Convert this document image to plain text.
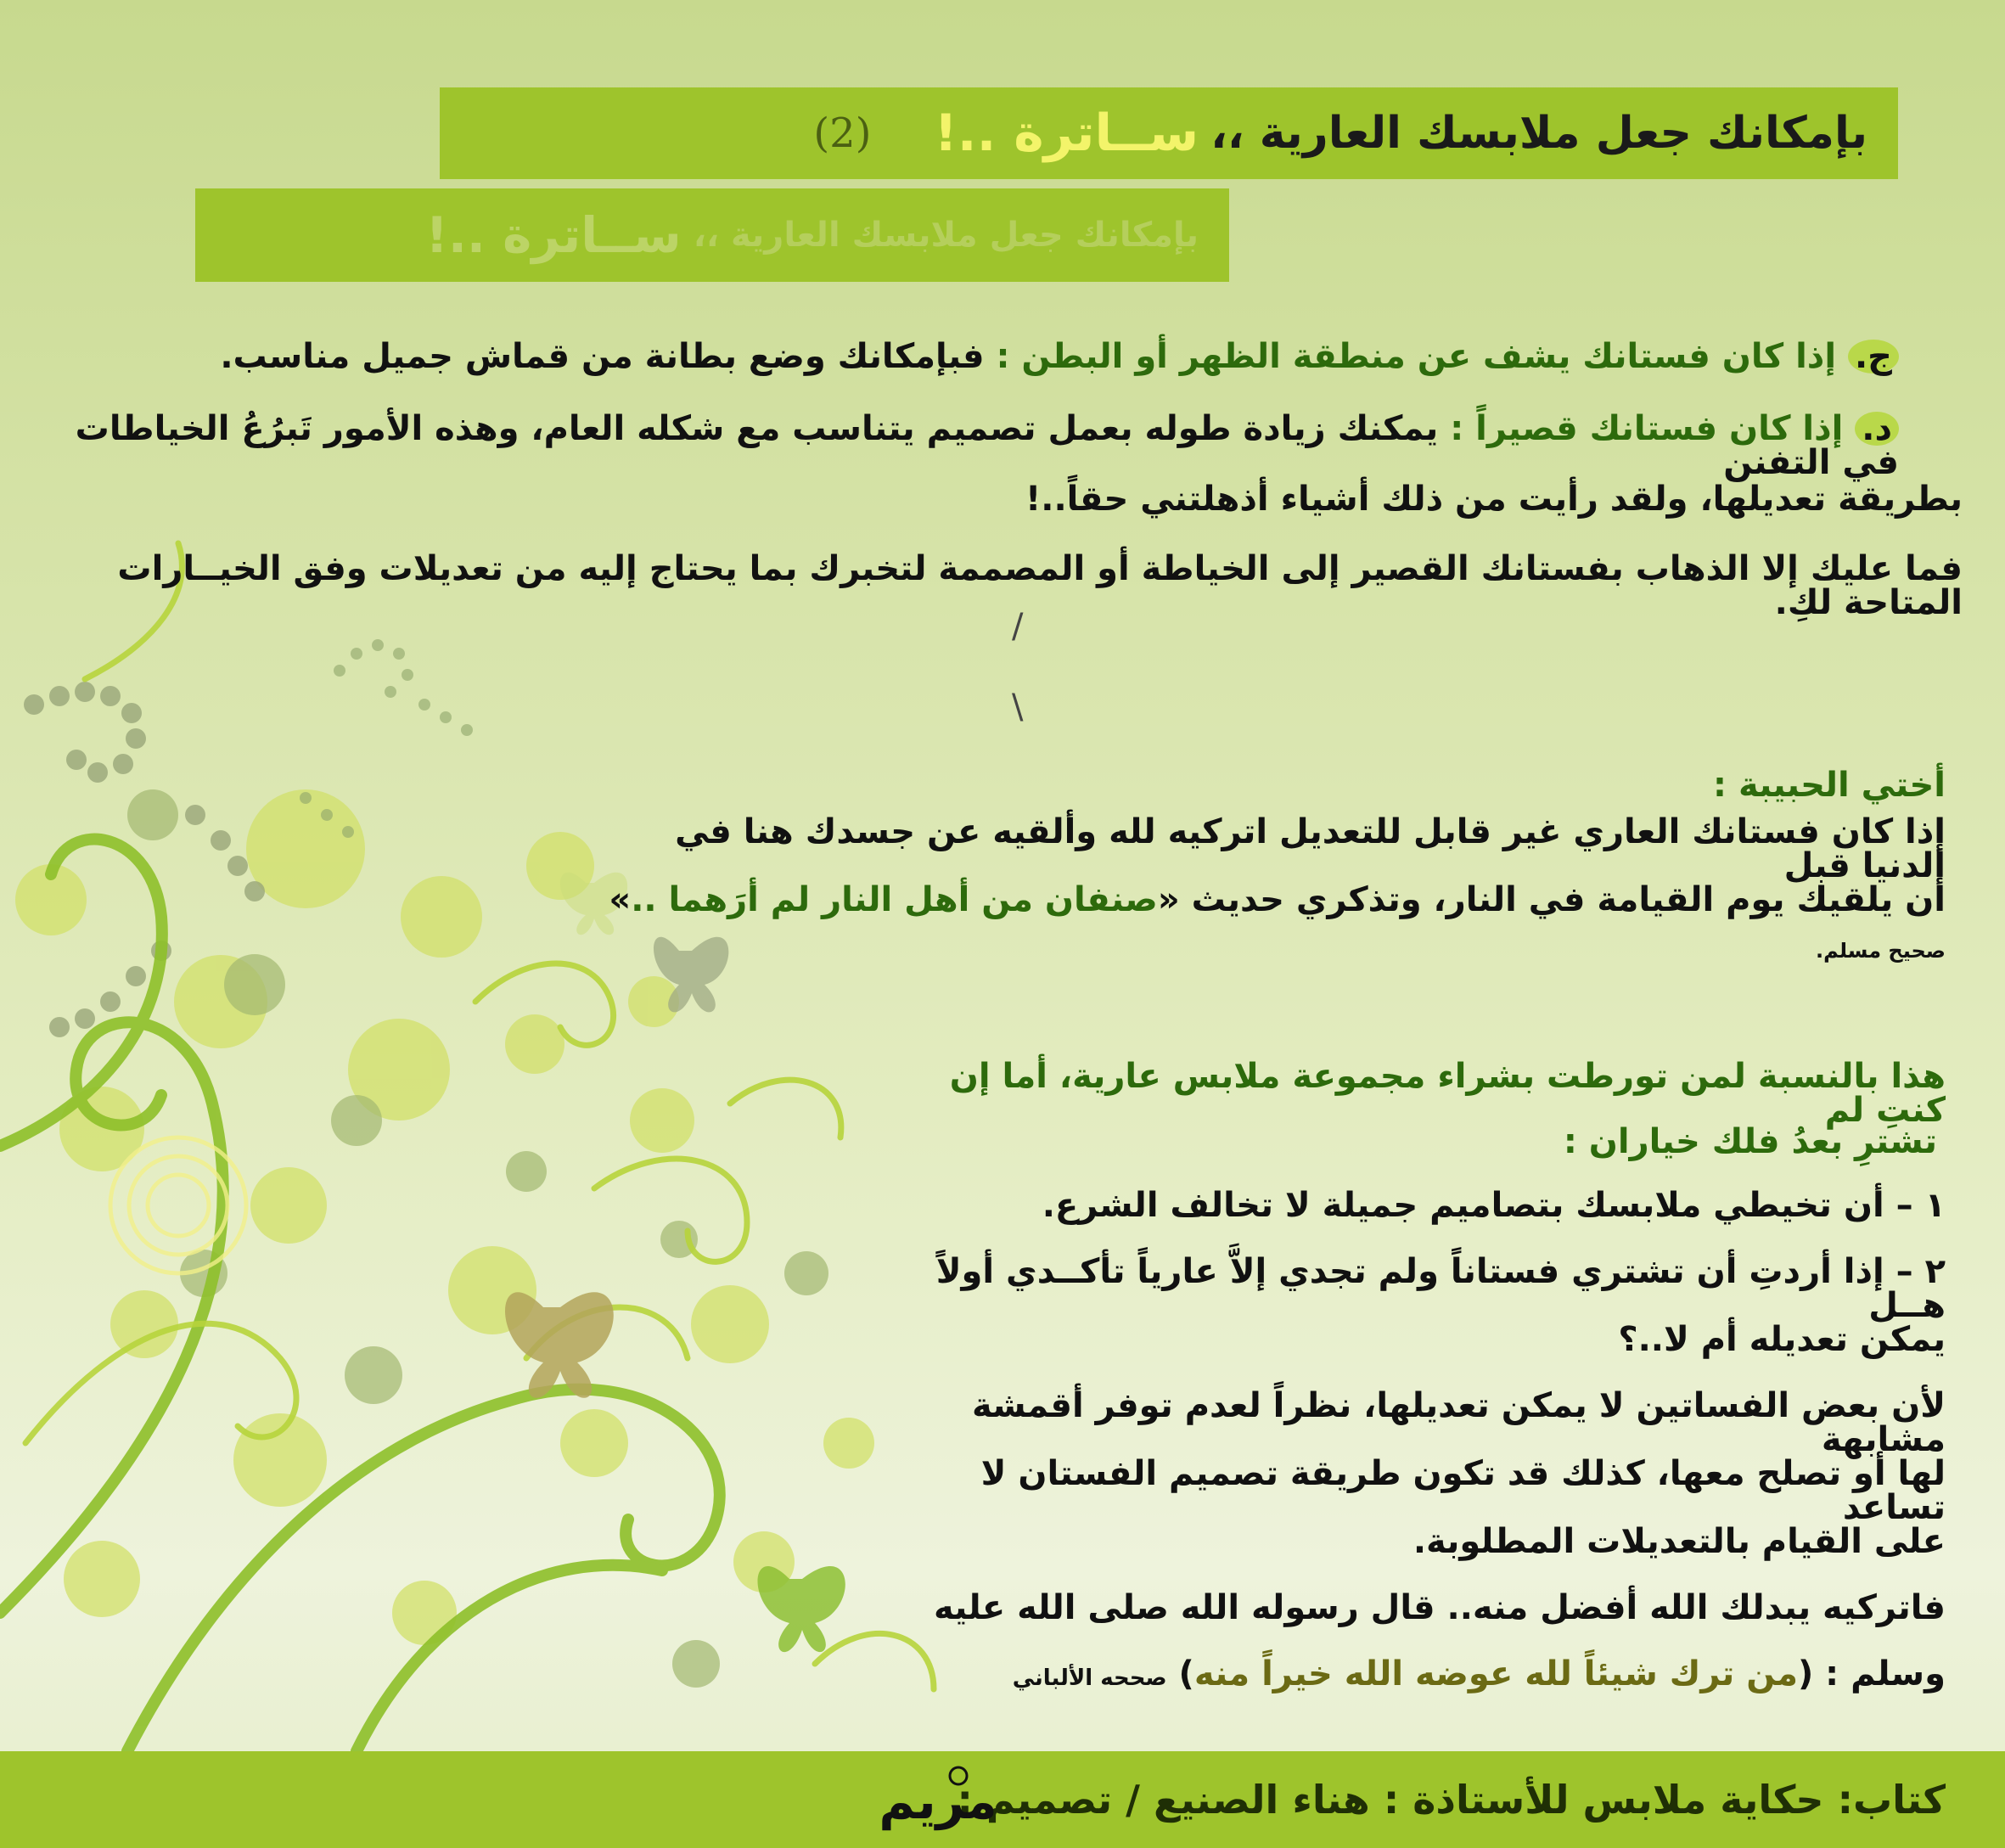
بإمكانك جعل ملابسك العارية ،،
ســاترة ..!
(2)
بإمكانك جعل ملابسك العارية ،،
ســاترة ..!
ج. إذا كان فستانك يشف عن منطقة الظهر أو البطن : فبإمكانك وضع بطانة من قماش جميل مناسب.
د. إذا كان فستانك قصيراً : يمكنك زيادة طوله بعمل تصميم يتناسب مع شكله العام، وهذه الأمور تَبرُعُ الخياطات في التفنن
بطريقة تعديلها، ولقد رأيت من ذلك أشياء أذهلتني حقاً..!
فما عليك إلا الذهاب بفستانك القصير إلى الخياطة أو المصممة لتخبرك بما يحتاج إليه من تعديلات وفق الخيــارات المتاحة لكِ.
/
\
أختي الحبيبة :
إذا كان فستانك العاري غير قابل للتعديل اتركيه لله وألقيه عن جسدك هنا في الدنيا قبل
أن يلقيك يوم القيامة في النار، وتذكري حديث «صنفان من أهل النار لم أرَهما ..»
صحيح مسلم.
هذا بالنسبة لمن تورطت بشراء مجموعة ملابس عارية، أما إن كنتِ لم
تشترِ بعدُ فلك خياران :
١ – أن تخيطي ملابسك بتصاميم جميلة لا تخالف الشرع.
٢ – إذا أردتِ أن تشتري فستاناً ولم تجدي إلاَّ عارياً تأكــدي أولاً هــل
يمكن تعديله أم لا..؟
لأن بعض الفساتين لا يمكن تعديلها، نظراً لعدم توفر أقمشة مشابهة
لها أو تصلح معها، كذلك قد تكون طريقة تصميم الفستان لا تساعد
على القيام بالتعديلات المطلوبة.
فاتركيه يبدلك الله أفضل منه.. قال رسوله الله صلى الله عليه
وسلم : (من ترك شيئاً لله عوضه الله خيراً منه) صححه الألباني
كتاب: حكاية ملابس للأستاذة : هناء الصنيع / تصميم :
مريم
